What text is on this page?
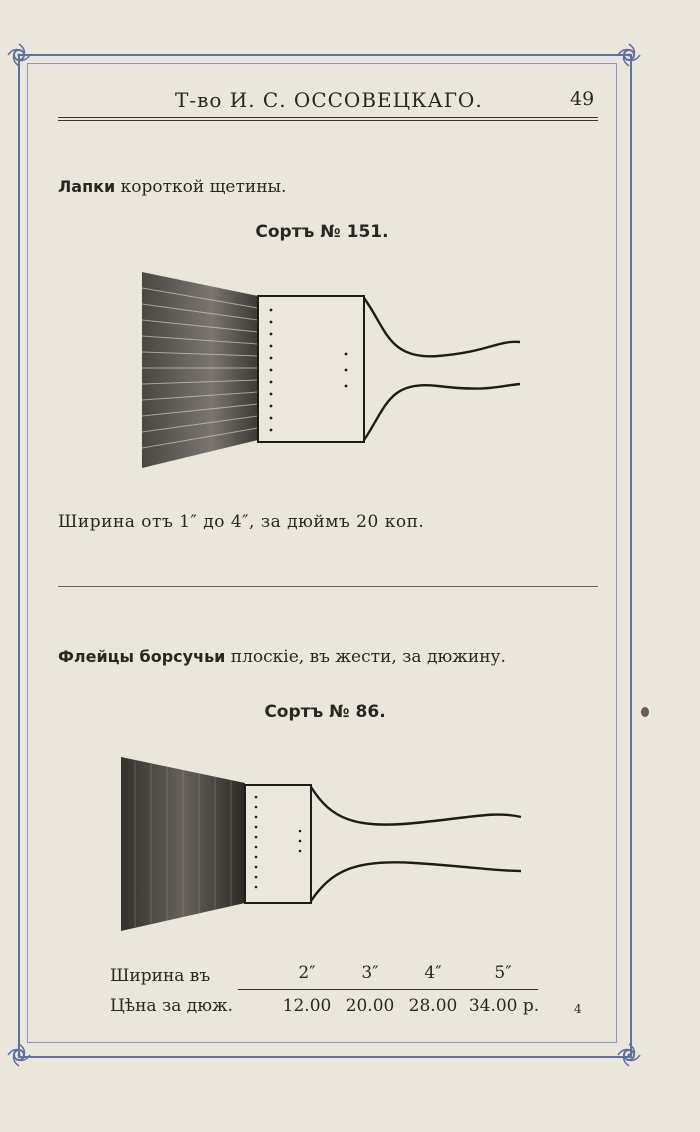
Т-во И. С. ОССОВЕЦКАГО.	49
Лапки короткой щетины.
Сортъ № 151.
Ширина отъ 1″ до 4″, за дюймъ 20 коп.
Флейцы борсучьи плоскіе, въ жести, за дюжину.
Сортъ № 86.
Ширина въ	2″	3″	4″	5″
Цѣна за дюж.	12.00 20.00 28.00 34.00 р.	4
